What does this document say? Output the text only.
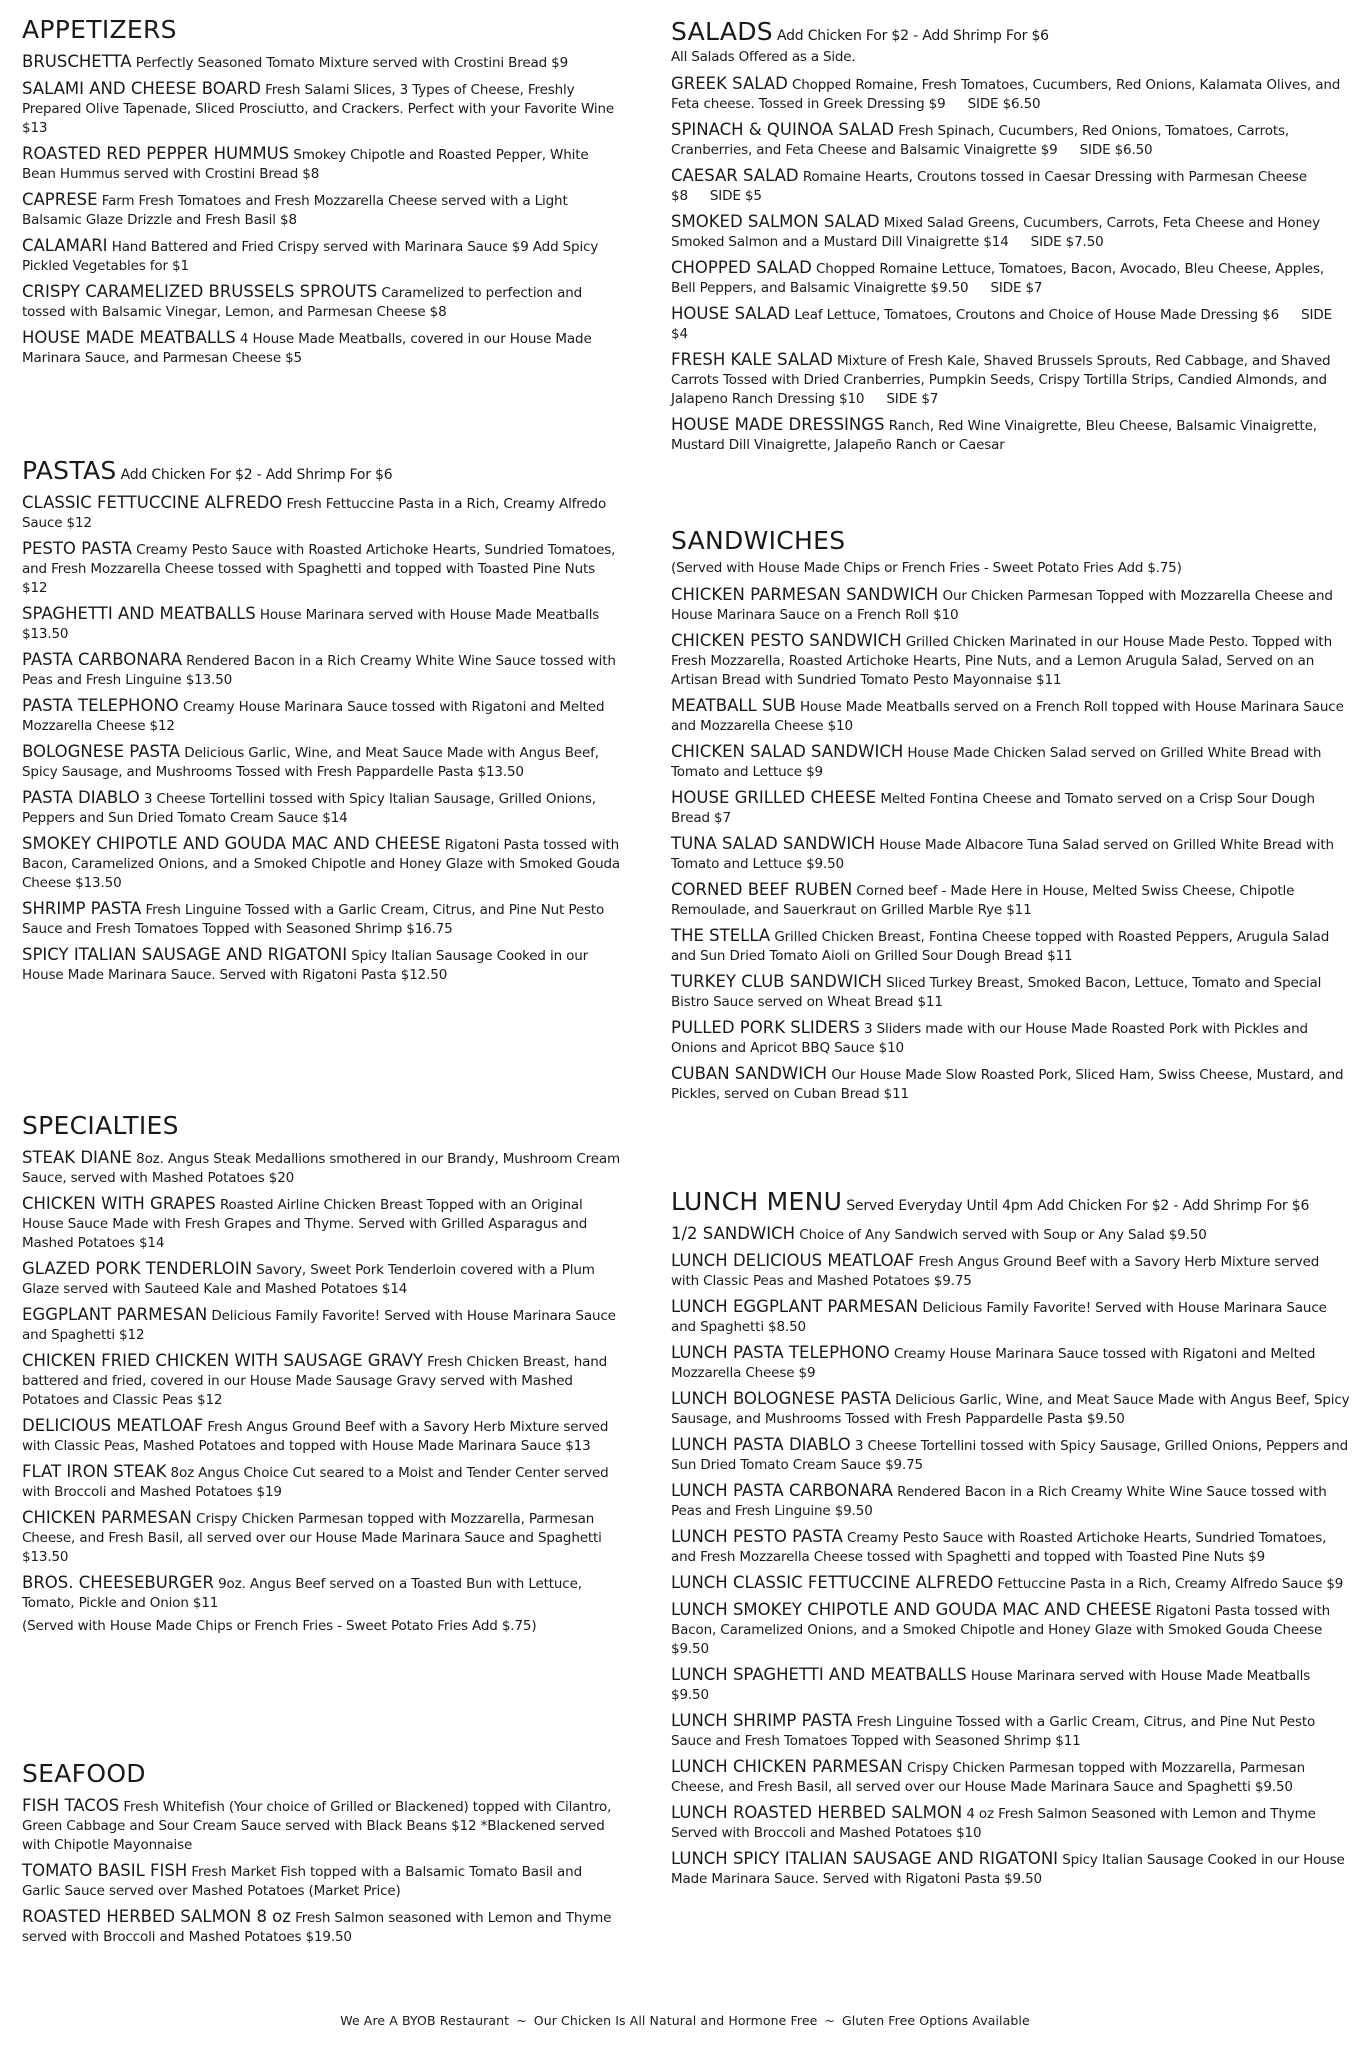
APPETIZERS
BRUSCHETTA Perfectly Seasoned Tomato Mixture served with Crostini Bread $9
SALAMI AND CHEESE BOARD Fresh Salami Slices, 3 Types of Cheese, Freshly Prepared Olive Tapenade, Sliced Prosciutto, and Crackers. Perfect with your Favorite Wine $13
ROASTED RED PEPPER HUMMUS Smokey Chipotle and Roasted Pepper, White Bean Hummus served with Crostini Bread $8
CAPRESE Farm Fresh Tomatoes and Fresh Mozzarella Cheese served with a Light Balsamic Glaze Drizzle and Fresh Basil $8
CALAMARI Hand Battered and Fried Crispy served with Marinara Sauce $9 Add Spicy Pickled Vegetables for $1
CRISPY CARAMELIZED BRUSSELS SPROUTS Caramelized to perfection and tossed with Balsamic Vinegar, Lemon, and Parmesan Cheese $8
HOUSE MADE MEATBALLS 4 House Made Meatballs, covered in our House Made Marinara Sauce, and Parmesan Cheese $5
PASTAS Add Chicken For $2 - Add Shrimp For $6
CLASSIC FETTUCCINE ALFREDO Fresh Fettuccine Pasta in a Rich, Creamy Alfredo Sauce $12
PESTO PASTA Creamy Pesto Sauce with Roasted Artichoke Hearts, Sundried Tomatoes, and Fresh Mozzarella Cheese tossed with Spaghetti and topped with Toasted Pine Nuts $12
SPAGHETTI AND MEATBALLS House Marinara served with House Made Meatballs $13.50
PASTA CARBONARA Rendered Bacon in a Rich Creamy White Wine Sauce tossed with Peas and Fresh Linguine $13.50
PASTA TELEPHONO Creamy House Marinara Sauce tossed with Rigatoni and Melted Mozzarella Cheese $12
BOLOGNESE PASTA Delicious Garlic, Wine, and Meat Sauce Made with Angus Beef, Spicy Sausage, and Mushrooms Tossed with Fresh Pappardelle Pasta $13.50
PASTA DIABLO 3 Cheese Tortellini tossed with Spicy Italian Sausage, Grilled Onions, Peppers and Sun Dried Tomato Cream Sauce $14
SMOKEY CHIPOTLE AND GOUDA MAC AND CHEESE Rigatoni Pasta tossed with Bacon, Caramelized Onions, and a Smoked Chipotle and Honey Glaze with Smoked Gouda Cheese $13.50
SHRIMP PASTA Fresh Linguine Tossed with a Garlic Cream, Citrus, and Pine Nut Pesto Sauce and Fresh Tomatoes Topped with Seasoned Shrimp $16.75
SPICY ITALIAN SAUSAGE AND RIGATONI Spicy Italian Sausage Cooked in our House Made Marinara Sauce. Served with Rigatoni Pasta $12.50
SPECIALTIES
STEAK DIANE 8oz. Angus Steak Medallions smothered in our Brandy, Mushroom Cream Sauce, served with Mashed Potatoes $20
CHICKEN WITH GRAPES Roasted Airline Chicken Breast Topped with an Original House Sauce Made with Fresh Grapes and Thyme. Served with Grilled Asparagus and Mashed Potatoes $14
GLAZED PORK TENDERLOIN Savory, Sweet Pork Tenderloin covered with a Plum Glaze served with Sauteed Kale and Mashed Potatoes $14
EGGPLANT PARMESAN Delicious Family Favorite! Served with House Marinara Sauce and Spaghetti $12
CHICKEN FRIED CHICKEN WITH SAUSAGE GRAVY Fresh Chicken Breast, hand battered and fried, covered in our House Made Sausage Gravy served with Mashed Potatoes and Classic Peas $12
DELICIOUS MEATLOAF Fresh Angus Ground Beef with a Savory Herb Mixture served with Classic Peas, Mashed Potatoes and topped with House Made Marinara Sauce $13
FLAT IRON STEAK 8oz Angus Choice Cut seared to a Moist and Tender Center served with Broccoli and Mashed Potatoes $19
CHICKEN PARMESAN Crispy Chicken Parmesan topped with Mozzarella, Parmesan Cheese, and Fresh Basil, all served over our House Made Marinara Sauce and Spaghetti $13.50
BROS. CHEESEBURGER 9oz. Angus Beef served on a Toasted Bun with Lettuce, Tomato, Pickle and Onion $11
(Served with House Made Chips or French Fries - Sweet Potato Fries Add $.75)
SEAFOOD
FISH TACOS Fresh Whitefish (Your choice of Grilled or Blackened) topped with Cilantro, Green Cabbage and Sour Cream Sauce served with Black Beans $12 *Blackened served with Chipotle Mayonnaise
TOMATO BASIL FISH Fresh Market Fish topped with a Balsamic Tomato Basil and Garlic Sauce served over Mashed Potatoes (Market Price)
ROASTED HERBED SALMON 8 oz Fresh Salmon seasoned with Lemon and Thyme served with Broccoli and Mashed Potatoes $19.50
SALADS Add Chicken For $2 - Add Shrimp For $6
All Salads Offered as a Side.
GREEK SALAD Chopped Romaine, Fresh Tomatoes, Cucumbers, Red Onions, Kalamata Olives, and Feta cheese. Tossed in Greek Dressing $9 SIDE $6.50
SPINACH & QUINOA SALAD Fresh Spinach, Cucumbers, Red Onions, Tomatoes, Carrots, Cranberries, and Feta Cheese and Balsamic Vinaigrette $9 SIDE $6.50
CAESAR SALAD Romaine Hearts, Croutons tossed in Caesar Dressing with Parmesan Cheese $8 SIDE $5
SMOKED SALMON SALAD Mixed Salad Greens, Cucumbers, Carrots, Feta Cheese and Honey Smoked Salmon and a Mustard Dill Vinaigrette $14 SIDE $7.50
CHOPPED SALAD Chopped Romaine Lettuce, Tomatoes, Bacon, Avocado, Bleu Cheese, Apples, Bell Peppers, and Balsamic Vinaigrette $9.50 SIDE $7
HOUSE SALAD Leaf Lettuce, Tomatoes, Croutons and Choice of House Made Dressing $6 SIDE $4
FRESH KALE SALAD Mixture of Fresh Kale, Shaved Brussels Sprouts, Red Cabbage, and Shaved Carrots Tossed with Dried Cranberries, Pumpkin Seeds, Crispy Tortilla Strips, Candied Almonds, and Jalapeno Ranch Dressing $10 SIDE $7
HOUSE MADE DRESSINGS Ranch, Red Wine Vinaigrette, Bleu Cheese, Balsamic Vinaigrette, Mustard Dill Vinaigrette, Jalapeño Ranch or Caesar
SANDWICHES
(Served with House Made Chips or French Fries - Sweet Potato Fries Add $.75)
CHICKEN PARMESAN SANDWICH Our Chicken Parmesan Topped with Mozzarella Cheese and House Marinara Sauce on a French Roll $10
CHICKEN PESTO SANDWICH Grilled Chicken Marinated in our House Made Pesto. Topped with Fresh Mozzarella, Roasted Artichoke Hearts, Pine Nuts, and a Lemon Arugula Salad, Served on an Artisan Bread with Sundried Tomato Pesto Mayonnaise $11
MEATBALL SUB House Made Meatballs served on a French Roll topped with House Marinara Sauce and Mozzarella Cheese $10
CHICKEN SALAD SANDWICH House Made Chicken Salad served on Grilled White Bread with Tomato and Lettuce $9
HOUSE GRILLED CHEESE Melted Fontina Cheese and Tomato served on a Crisp Sour Dough Bread $7
TUNA SALAD SANDWICH House Made Albacore Tuna Salad served on Grilled White Bread with Tomato and Lettuce $9.50
CORNED BEEF RUBEN Corned beef - Made Here in House, Melted Swiss Cheese, Chipotle Remoulade, and Sauerkraut on Grilled Marble Rye $11
THE STELLA Grilled Chicken Breast, Fontina Cheese topped with Roasted Peppers, Arugula Salad and Sun Dried Tomato Aioli on Grilled Sour Dough Bread $11
TURKEY CLUB SANDWICH Sliced Turkey Breast, Smoked Bacon, Lettuce, Tomato and Special Bistro Sauce served on Wheat Bread $11
PULLED PORK SLIDERS 3 Sliders made with our House Made Roasted Pork with Pickles and Onions and Apricot BBQ Sauce $10
CUBAN SANDWICH Our House Made Slow Roasted Pork, Sliced Ham, Swiss Cheese, Mustard, and Pickles, served on Cuban Bread $11
LUNCH MENU Served Everyday Until 4pm Add Chicken For $2 - Add Shrimp For $6
1/2 SANDWICH Choice of Any Sandwich served with Soup or Any Salad $9.50
LUNCH DELICIOUS MEATLOAF Fresh Angus Ground Beef with a Savory Herb Mixture served with Classic Peas and Mashed Potatoes $9.75
LUNCH EGGPLANT PARMESAN Delicious Family Favorite! Served with House Marinara Sauce and Spaghetti $8.50
LUNCH PASTA TELEPHONO Creamy House Marinara Sauce tossed with Rigatoni and Melted Mozzarella Cheese $9
LUNCH BOLOGNESE PASTA Delicious Garlic, Wine, and Meat Sauce Made with Angus Beef, Spicy Sausage, and Mushrooms Tossed with Fresh Pappardelle Pasta $9.50
LUNCH PASTA DIABLO 3 Cheese Tortellini tossed with Spicy Sausage, Grilled Onions, Peppers and Sun Dried Tomato Cream Sauce $9.75
LUNCH PASTA CARBONARA Rendered Bacon in a Rich Creamy White Wine Sauce tossed with Peas and Fresh Linguine $9.50
LUNCH PESTO PASTA Creamy Pesto Sauce with Roasted Artichoke Hearts, Sundried Tomatoes, and Fresh Mozzarella Cheese tossed with Spaghetti and topped with Toasted Pine Nuts $9
LUNCH CLASSIC FETTUCCINE ALFREDO Fettuccine Pasta in a Rich, Creamy Alfredo Sauce $9
LUNCH SMOKEY CHIPOTLE AND GOUDA MAC AND CHEESE Rigatoni Pasta tossed with Bacon, Caramelized Onions, and a Smoked Chipotle and Honey Glaze with Smoked Gouda Cheese $9.50
LUNCH SPAGHETTI AND MEATBALLS House Marinara served with House Made Meatballs $9.50
LUNCH SHRIMP PASTA Fresh Linguine Tossed with a Garlic Cream, Citrus, and Pine Nut Pesto Sauce and Fresh Tomatoes Topped with Seasoned Shrimp $11
LUNCH CHICKEN PARMESAN Crispy Chicken Parmesan topped with Mozzarella, Parmesan Cheese, and Fresh Basil, all served over our House Made Marinara Sauce and Spaghetti $9.50
LUNCH ROASTED HERBED SALMON 4 oz Fresh Salmon Seasoned with Lemon and Thyme Served with Broccoli and Mashed Potatoes $10
LUNCH SPICY ITALIAN SAUSAGE AND RIGATONI Spicy Italian Sausage Cooked in our House Made Marinara Sauce. Served with Rigatoni Pasta $9.50
We Are A BYOB Restaurant ~ Our Chicken Is All Natural and Hormone Free ~ Gluten Free Options Available
